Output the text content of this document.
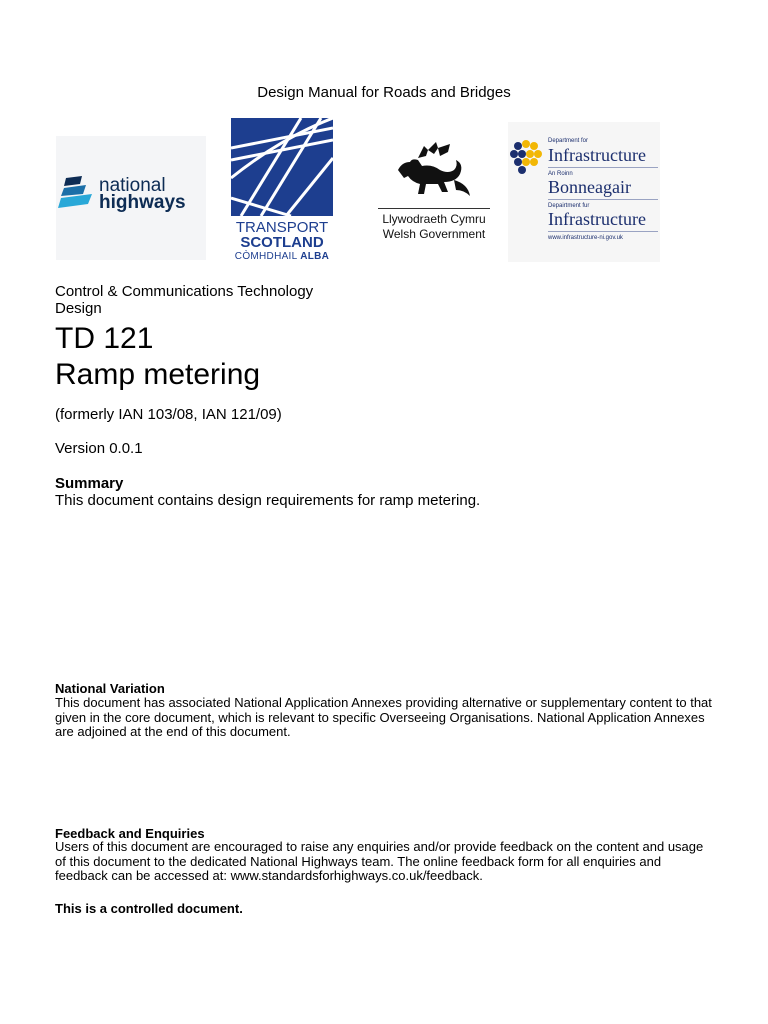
Design Manual for Roads and Bridges
national
highways
TRANSPORT
SCOTLAND
CÒMHDHAIL ALBA
Llywodraeth Cymru
Welsh Government
Department for
Infrastructure
An Roinn
Bonneagair
Depairtment fur
Infrastructure
www.infrastructure-ni.gov.uk
Control & Communications Technology Design
TD 121
Ramp metering
(formerly IAN 103/08, IAN 121/09)
Version 0.0.1
Summary
This document contains design requirements for ramp metering.
National Variation
This document has associated National Application Annexes providing alternative or supplementary content to that given in the core document, which is relevant to specific Overseeing Organisations. National Application Annexes are adjoined at the end of this document.
Feedback and Enquiries
Users of this document are encouraged to raise any enquiries and/or provide feedback on the content and usage of this document to the dedicated National Highways team. The online feedback form for all enquiries and feedback can be accessed at: www.standardsforhighways.co.uk/feedback.
This is a controlled document.
